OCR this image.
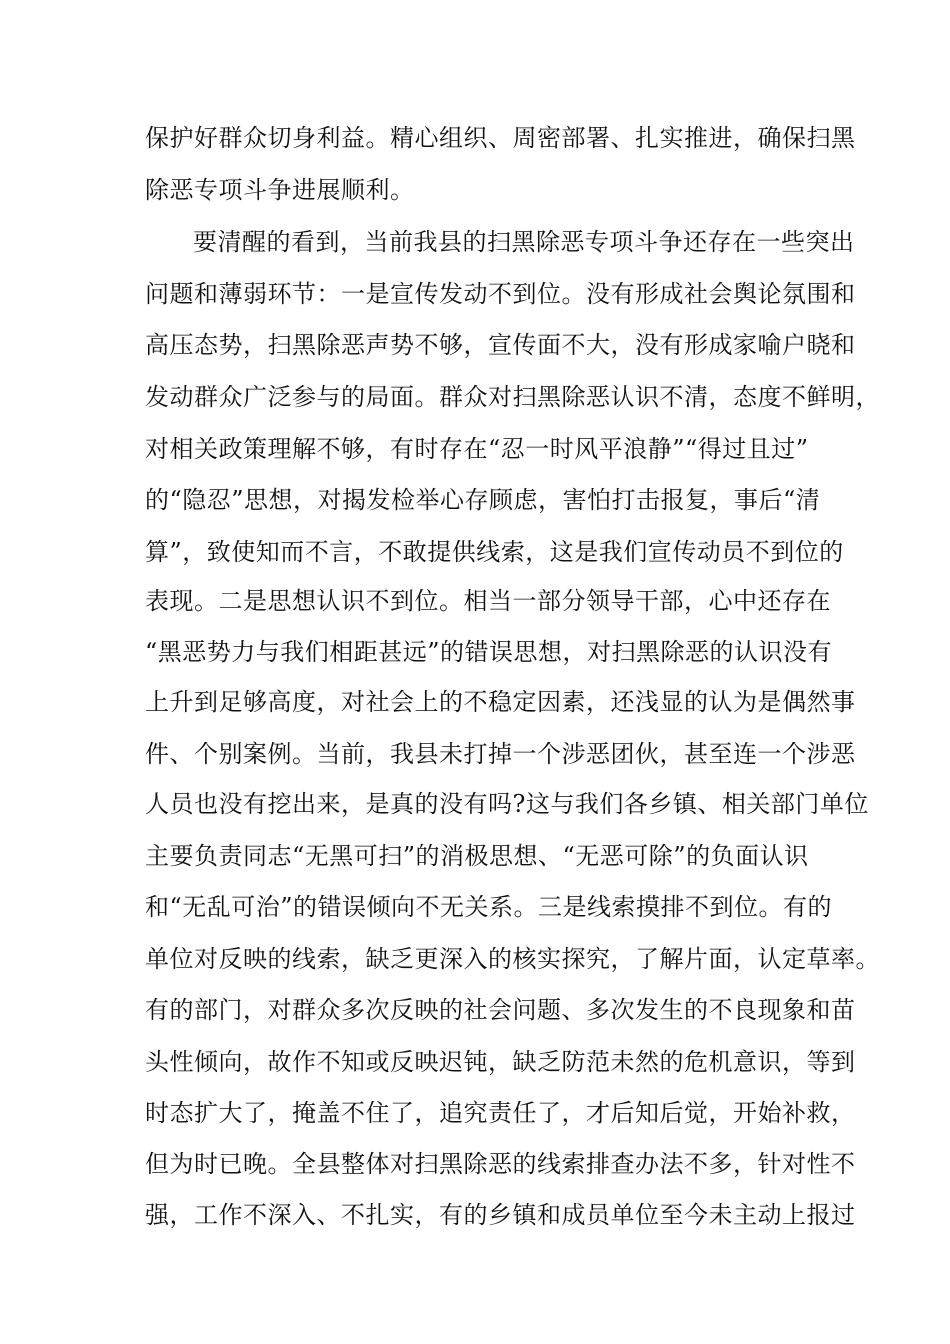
保护好群众切身利益。精心组织、周密部署、扎实推进，确保扫黑
除恶专项斗争进展顺利。
要清醒的看到，当前我县的扫黑除恶专项斗争还存在一些突出
问题和薄弱环节：一是宣传发动不到位。没有形成社会舆论氛围和
高压态势，扫黑除恶声势不够，宣传面不大，没有形成家喻户晓和
发动群众广泛参与的局面。群众对扫黑除恶认识不清，态度不鲜明，
对相关政策理解不够，有时存在“忍一时风平浪静”“得过且过”
的“隐忍”思想，对揭发检举心存顾虑，害怕打击报复，事后“清
算”，致使知而不言，不敢提供线索，这是我们宣传动员不到位的
表现。二是思想认识不到位。相当一部分领导干部，心中还存在
“黑恶势力与我们相距甚远”的错误思想，对扫黑除恶的认识没有
上升到足够高度，对社会上的不稳定因素，还浅显的认为是偶然事
件、个别案例。当前，我县未打掉一个涉恶团伙，甚至连一个涉恶
人员也没有挖出来，是真的没有吗?这与我们各乡镇、相关部门单位
主要负责同志“无黑可扫”的消极思想、“无恶可除”的负面认识
和“无乱可治”的错误倾向不无关系。三是线索摸排不到位。有的
单位对反映的线索，缺乏更深入的核实探究，了解片面，认定草率。
有的部门，对群众多次反映的社会问题、多次发生的不良现象和苗
头性倾向，故作不知或反映迟钝，缺乏防范未然的危机意识，等到
时态扩大了，掩盖不住了，追究责任了，才后知后觉，开始补救，
但为时已晚。全县整体对扫黑除恶的线索排查办法不多，针对性不
强，工作不深入、不扎实，有的乡镇和成员单位至今未主动上报过
